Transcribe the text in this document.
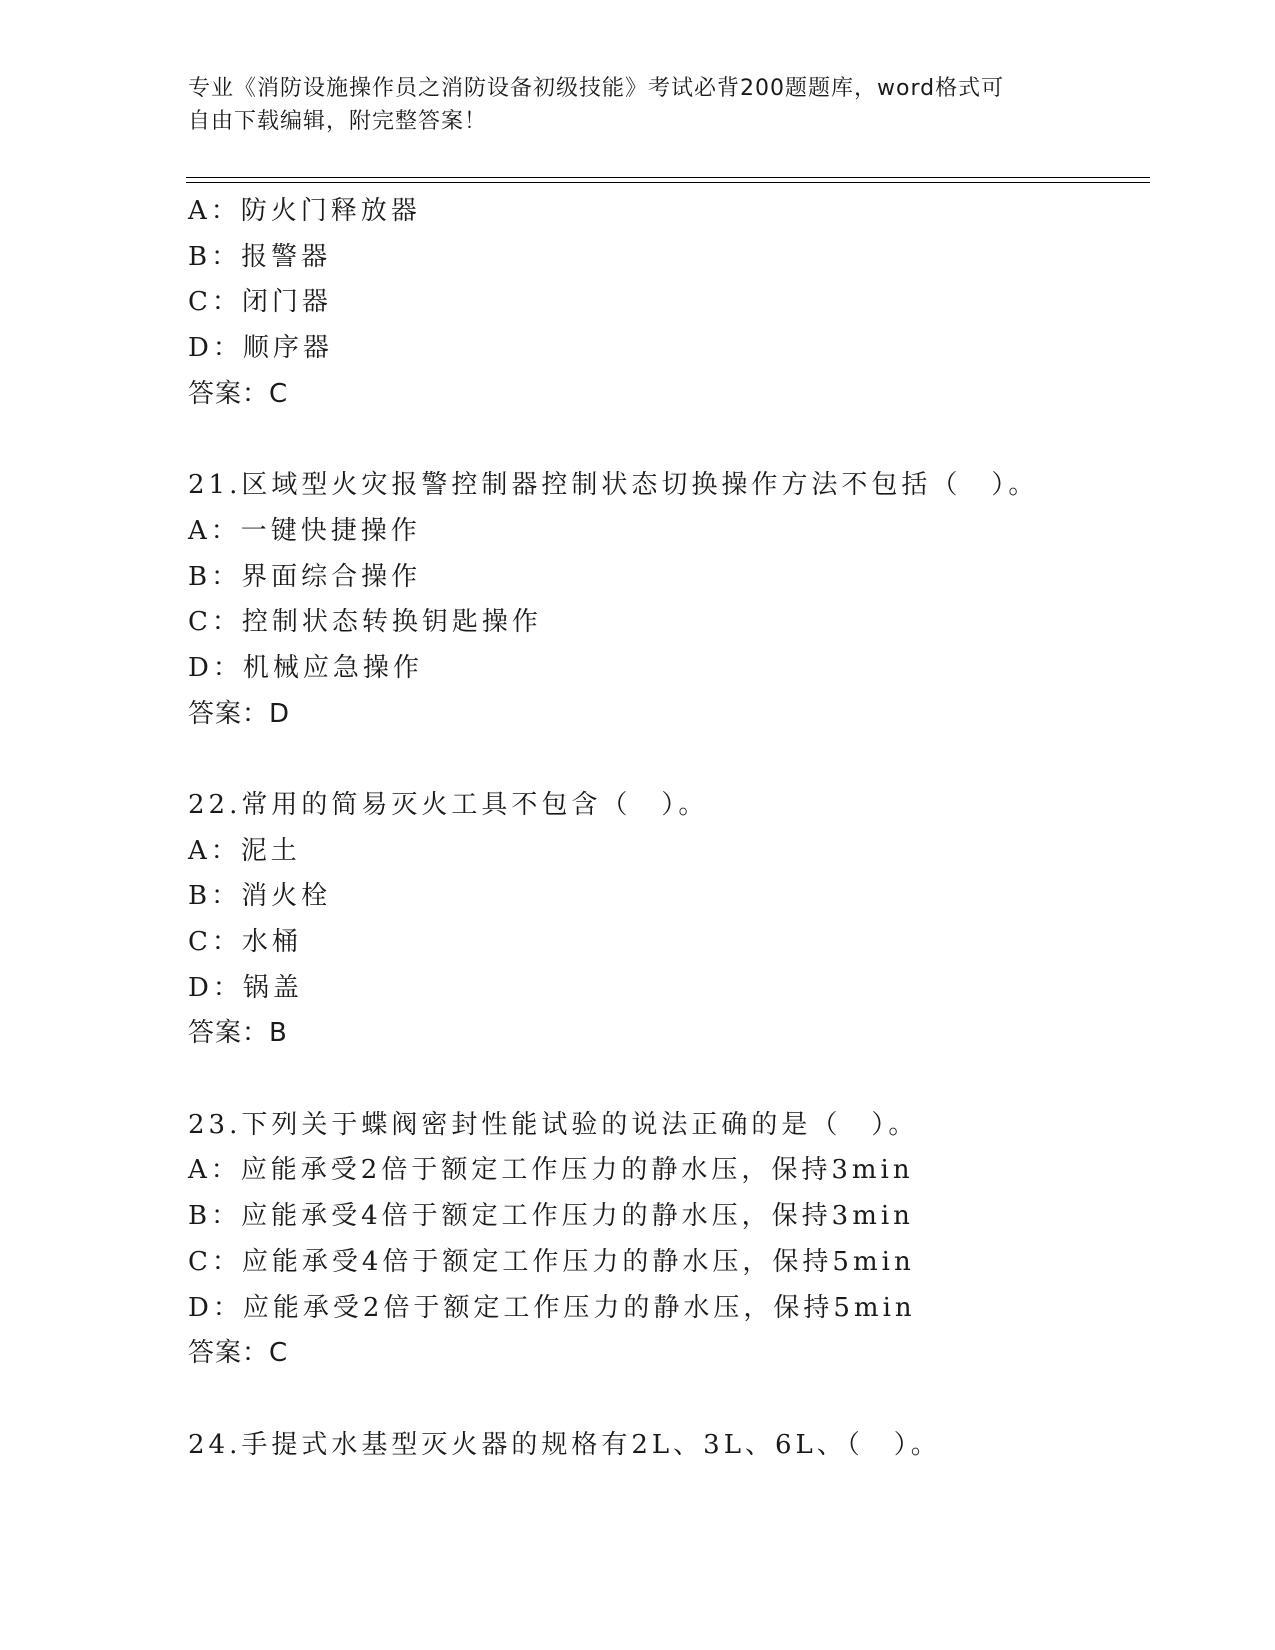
专业《消防设施操作员之消防设备初级技能》考试必背200题题库，word格式可
自由下载编辑，附完整答案！
A：防火门释放器
B：报警器
C：闭门器
D：顺序器
答案：C
21.区域型火灾报警控制器控制状态切换操作方法不包括（　）。
A：一键快捷操作
B：界面综合操作
C：控制状态转换钥匙操作
D：机械应急操作
答案：D
22.常用的简易灭火工具不包含（　）。
A：泥土
B：消火栓
C：水桶
D：锅盖
答案：B
23.下列关于蝶阀密封性能试验的说法正确的是（　）。
A：应能承受2倍于额定工作压力的静水压，保持3min
B：应能承受4倍于额定工作压力的静水压，保持3min
C：应能承受4倍于额定工作压力的静水压，保持5min
D：应能承受2倍于额定工作压力的静水压，保持5min
答案：C
24.手提式水基型灭火器的规格有2L、3L、6L、（　）。
